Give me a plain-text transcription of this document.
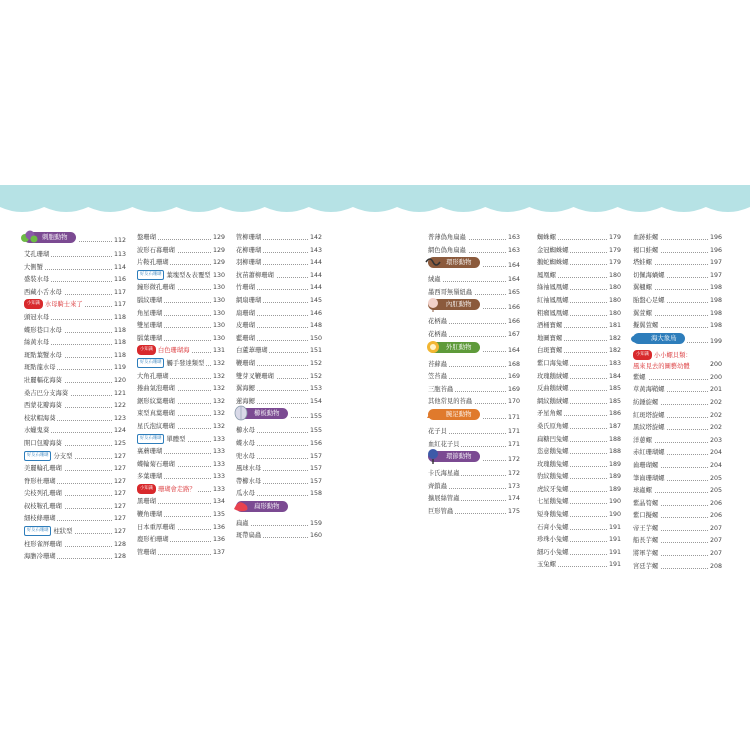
刺胞動物	112
艾孔珊瑚	113
大側蟹	114
盛裝水母	116
西藏小舌水母	117
小知識 水母騎士來了	117
頭冠水母	118
蝶形巷口水母	118
絲黃水母	118
斑點葉蟹水母	118
斑點龍水母	119
壯麗輻花海葵	120
桑吉巴分支海葵	121
西蒙花瓣海葵	122
枝狀帽海葵	123
水蠟鬼葵	124
開口包瓣海葵	125
好友石珊瑚 分支型	127
美麗輪孔珊瑚	127
脊形杜珊瑚	127
尖枝列孔珊瑚	127
叔枝鞍孔珊瑚	127
細枝條珊瑚	127
好友石珊瑚 柱狀型	127
柱形雀屏珊瑚	128
海膽冷珊瑚	128
盤珊瑚	129
波形石幕珊瑚	129
片鞍孔珊瑚	129
好友石珊瑚 葉塊型＆表覆型 130
鐘形微孔珊瑚	130
腦紋珊瑚	130
角星珊瑚	130
雙星珊瑚	130
腦葉珊瑚	130
小知識 白色珊瑚海	131
好友石珊瑚 觸手發達類型	132
大角孔珊瑚	132
捲曲氣泡珊瑚	132
鋸形紋葉珊瑚	132
束型真葉珊瑚	132
星氏泡紋珊瑚	132
好友石珊瑚 單體型	133
裏蘑珊瑚	133
蝶輪菊石珊瑚	133
多葉珊瑚	133
小知識 珊瑚會走路？	133
黑珊瑚	134
鞭角珊瑚	135
日本重厚珊瑚	136
鹿形柏珊瑚	136
管珊瑚	137
管柳珊瑚	142
花柳珊瑚	143
羽柳珊瑚	144
抗苗蕭柳珊瑚	144
竹珊瑚	144
網扇珊瑚	145
扇珊瑚	146
皮珊瑚	148
藍珊瑚	150
白蘆葦珊瑚	151
鞭珊瑚	152
雙芽叉鞭珊瑚	152
翼海鰓	153
蓮海鰓	154
櫛板動物	155
櫛水母	155
蝶水母	156
兜水母	157
風球水母	157
帶櫛水母	157
瓜水母	158
扁形動物
扁蟲	159
斑帶扁蟲	160
普薄偽角扁蟲	163
網色偽角扁蟲	163
環形動物	164
絨蟲	164
墨西哥無鬚紐蟲	165
內肛動物	166
花柄蟲	166
花柄蟲	167
外肛動物	164
苔蘚蟲	168
笠苔蟲	169
三胞苔蟲	169
其他常見的苔蟲	170
腕足動物	171
花子貝	171
血紅花子貝	171
環節動物	172
卡氏海星蟲	172
齊鎖蟲	173
擴展絲管蟲	174
巨形管蟲	175
蜘蛛螺	179
金冠蜘蛛螺	179
鵝蛇蜘蛛螺	179
鳳凰螺	180
綠袖鳳凰螺	180
紅袖鳳凰螺	180
粗瘤鳳凰螺	180
酒桶寶螺	181
地圖寶螺	182
白斑寶螺	182
紫口海兔螺	183
玫瑰鵝絨螺	184
反曲鵝絨螺	185
網紋鵝絨螺	185
矛星角螺	186
桑氏原角螺	187
扁糖凹兔螺	188
恣意鵝兔螺	188
玫瑰鵝兔螺	189
豹紋鵝兔螺	189
虎紋牙兔螺	189
七星鵝兔螺	190
短身鵝兔螺	190
石膏小兔螺	191
珍珠小兔螺	191
細巧小兔螺	191
玉兔螺	191
血跡蛙螺	196
褐口蛙螺	196
塔蛙螺	197
切佩海蝸螺	197
翼翹螺	198
胎盤心足螺	198
翼萱螺	198
擬翼萱螺	198
海大象鳥	199
小知識 小小螺貝類：
風來見去的圖藝幼體	200
紫螺	200
草黃海鞘螺	201
紡錘旋螺	202
紅斑塔旋螺	202
黑紋塔旋螺	202
洋蔥螺	203
赤紅珊瑚螺	204
齒珊瑚螺	204
筆齒珊瑚螺	205
球蟲螺	205
紫晶筍螺	206
紫口擬螺	206
帝王芋螺	207
船長芋螺	207
將軍芋螺	207
宮廷芋螺	208
